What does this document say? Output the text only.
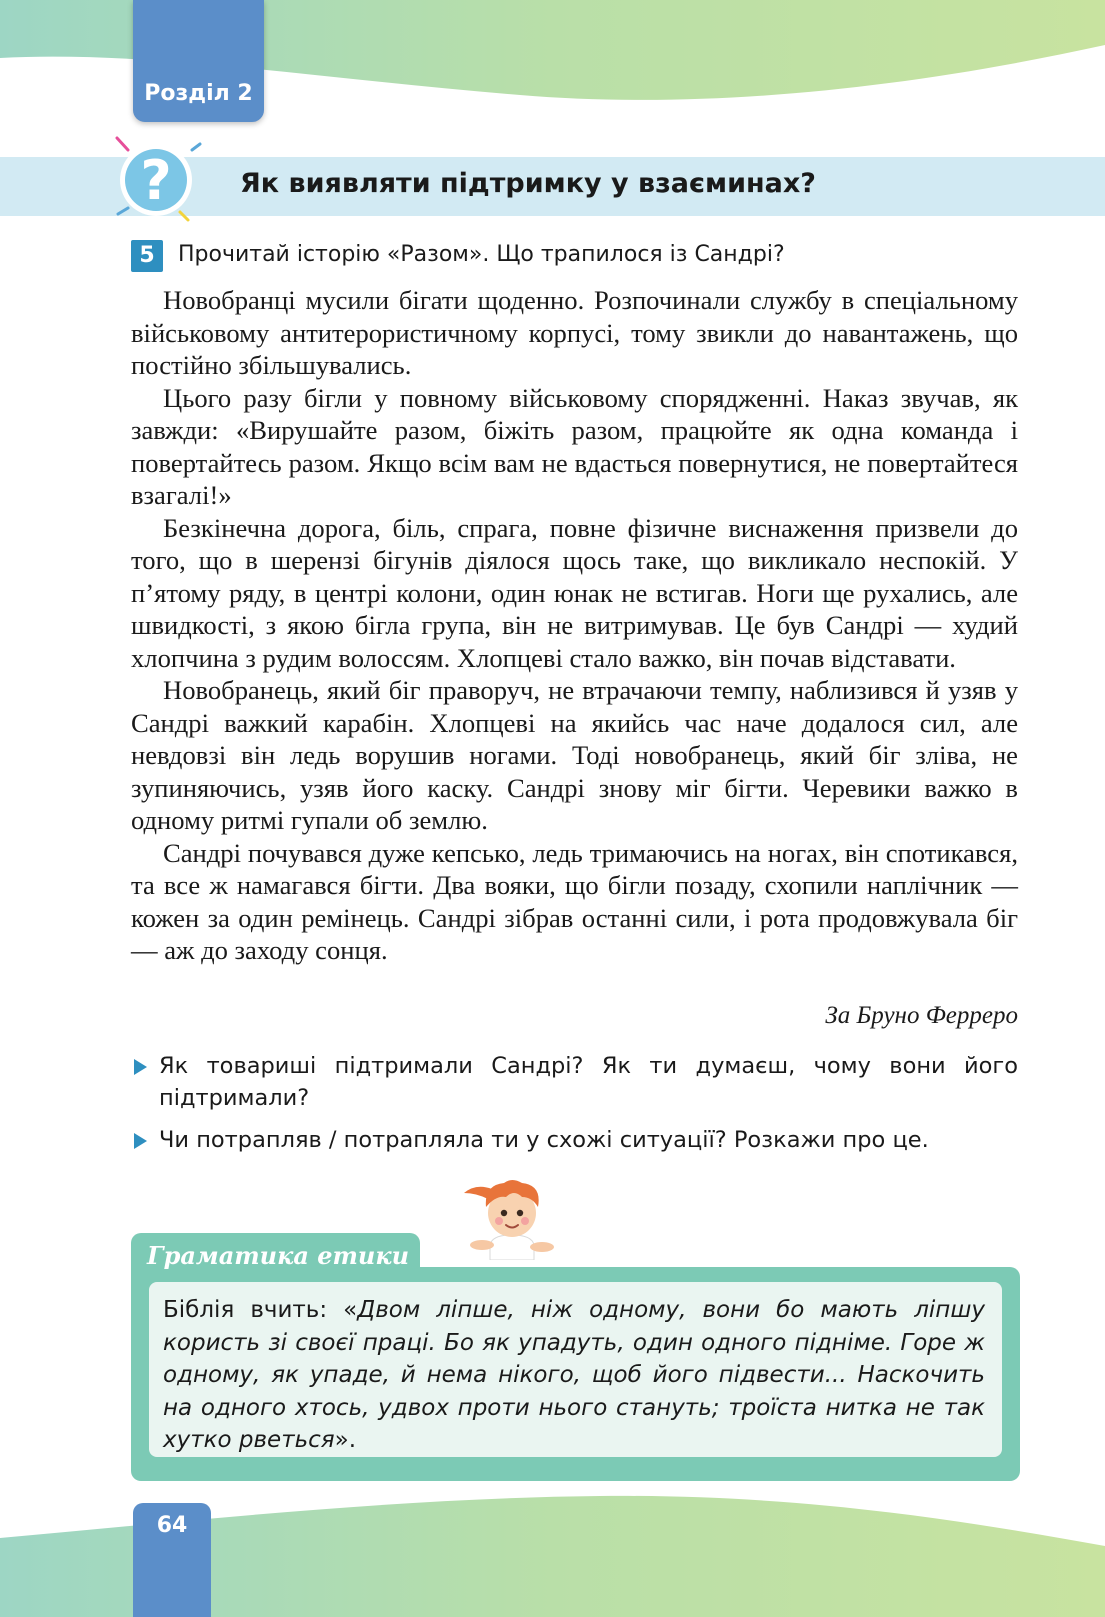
Розділ 2
Як виявляти підтримку у взаєминах?
?
5	Прочитай історію «Разом». Що трапилося із Сандрі?

Новобранці мусили бігати щоденно. Розпочинали службу в спеціальному військовому антитерористичному корпусі, тому звикли до навантажень, що постійно збільшувались.

Цього разу бігли у повному військовому спорядженні. Наказ звучав, як завжди: «Вирушайте разом, біжіть разом, працюйте як одна команда і повертайтесь разом. Якщо всім вам не вдасться повернутися, не повертайтеся взагалі!»

Безкінечна дорога, біль, спрага, повне фізичне виснаження призвели до того, що в шерензі бігунів діялося щось таке, що викликало неспокій. У п’ятому ряду, в центрі колони, один юнак не встигав. Ноги ще рухались, але швидкості, з якою бігла група, він не витримував. Це був Сандрі — худий хлопчина з рудим волоссям. Хлопцеві стало важко, він почав відставати.

Новобранець, який біг праворуч, не втрачаючи темпу, наблизився й узяв у Сандрі важкий карабін. Хлопцеві на якийсь час наче додалося сил, але невдовзі він ледь ворушив ногами. Тоді новобранець, який біг зліва, не зупиняючись, узяв його каску. Сандрі знову міг бігти. Черевики важко в одному ритмі гупали об землю.

Сандрі почувався дуже кепсько, ледь тримаючись на ногах, він спотикався, та все ж намагався бігти. Два вояки, що бігли позаду, схопили наплічник — кожен за один ремінець. Сандрі зібрав останні сили, і рота продовжувала біг — аж до заходу сонця.

За Бруно Ферреро
Як товариші підтримали Сандрі? Як ти думаєш, чому вони його підтримали?
Чи потрапляв / потрапляла ти у схожі ситуації? Розкажи про це.
Біблія вчить: «Двом ліпше, ніж одному, вони бо мають ліпшу користь зі своєї праці. Бо як упадуть, один одного підніме. Горе ж одному, як упаде, й нема нікого, щоб його підвести... Наскочить на одного хтось, удвох проти нього стануть; троїста нитка не так хутко рветься».
Граматика етики
64
